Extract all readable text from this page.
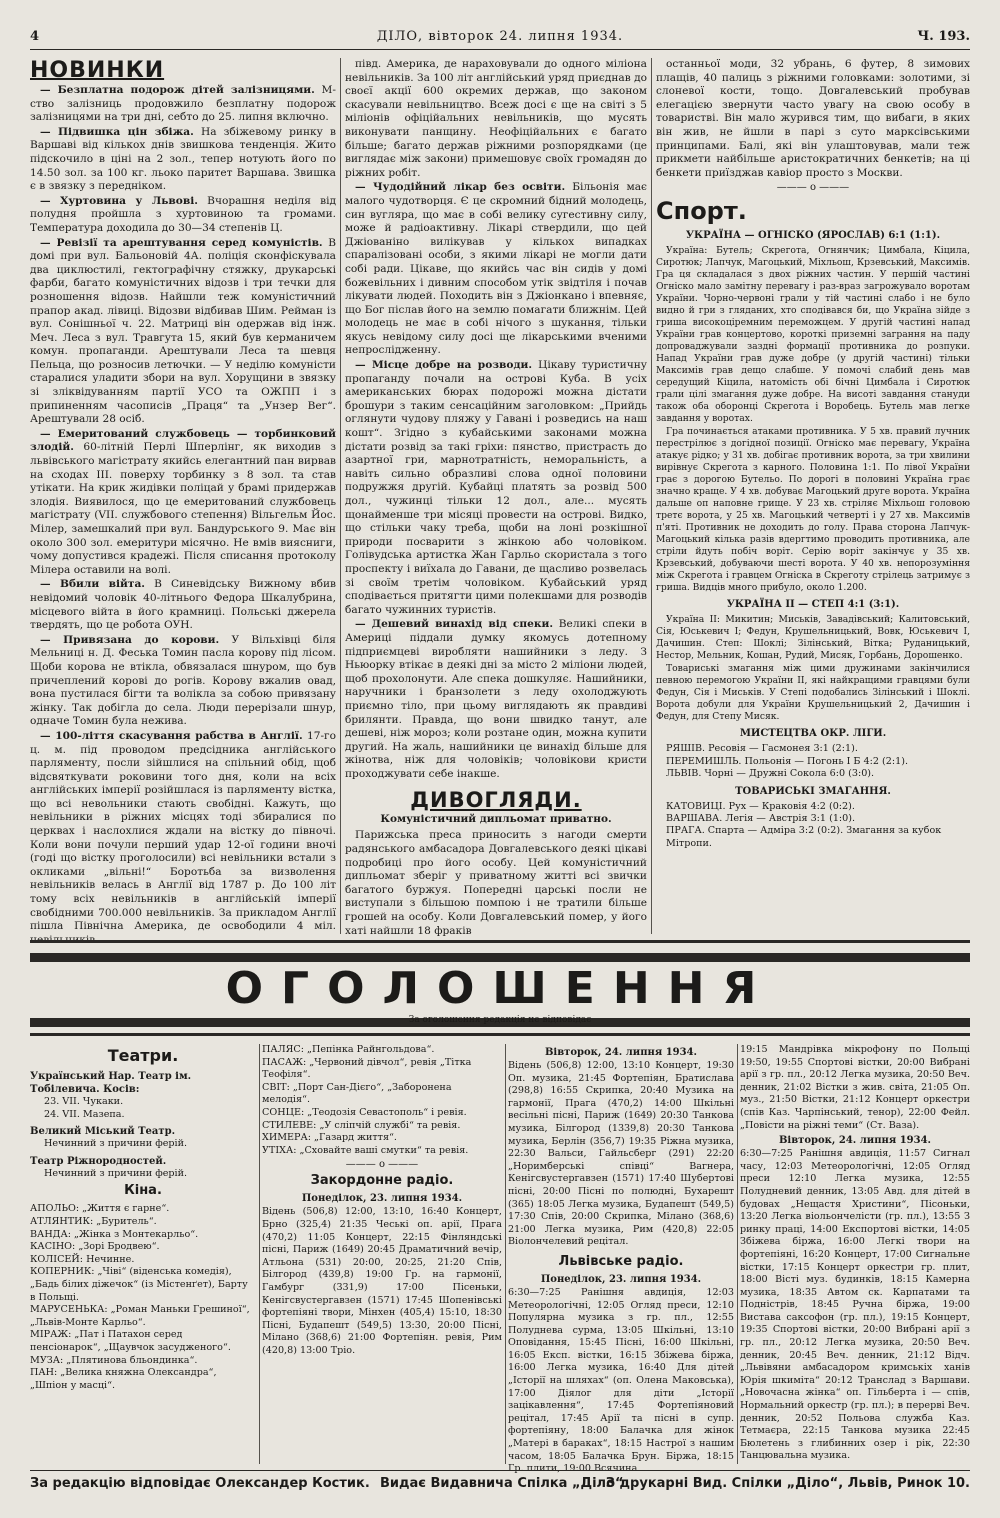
4	ДІЛО, вівторок 24. липня 1934.	Ч. 193.
НОВИНКИ
— Безплатна подорож дітей залізницями. М-ство залізниць продовжило безплатну подорож залізницями на три дні, себто до 25. липня включно.
— Підвишка цін збіжа. На збіжевому ринку в Варшаві від кількох днів звишкова тенденція. Жито підскочило в ціні на 2 зол., тепер нотують його по 14.50 зол. за 100 кг. льоко паритет Варшава. Звишка є в звязку з передніком.
— Хуртовина у Львові. Вчорашня неділя від полудня пройшла з хуртовиною та громами. Температура доходила до 30—34 степенів Ц.
— Ревізії та арештування серед комуністів. В домі при вул. Бальоновій 4А. поліція сконфіскувала два циклюстилі, гектографічну стяжку, друкарські фарби, багато комуністичних відозв і три течки для розношення відозв. Найшли теж комуністичний прапор акад. лівиці. Відозви відбивав Шим. Рейман із вул. Сонішньої ч. 22. Матриці він одержав від інж. Меч. Леса з вул. Травгута 15, який був керманичем комун. пропаганди. Арештували Леса та шевця Пельца, що розносив летючки. — У неділю комуністи старалися уладити збори на вул. Хорущини в звязку зі зліквідуванням партії УСО та ОЖПП і з припиненням часописів „Праця“ та „Унзер Вег“. Арештували 28 осіб.
— Емеритований службовець — торбинковий злодій. 60-літній Перлі Шперлінг, як виходив з львівського магістрату якийсь елегантний пан вирвав на сходах III. поверху торбинку з 8 зол. та став утікати. На крик жидівки поліцай у брамі придержав злодія. Виявилося, що це емеритований службовець магістрату (VII. службового степення) Вільгельм Йос. Мілер, замешкалий при вул. Бандурського 9. Має він около 300 зол. емеритури місячно. Не вмів виясниги, чому допустився крадежі. Після списання протоколу Мілера оставили на волі.
— Вбили війта. В Синевідську Вижному вбив невідомий чоловік 40-літнього Федора Шкалубрина, місцевого війта в його крамниці. Польські джерела твердять, що це робота ОУН.
— Привязана до корови. У Вільхівці біля Мельниці н. Д. Феська Томин пасла корову під лісом. Щоби корова не втікла, обвязалася шнуром, що був причеплений корові до рогів. Корову вжалив овад, вона пустилася бігти та волікла за собою привязану жінку. Так добігла до села. Люди перерізали шнур, одначе Томин була нежива.
— 100-ліття скасування рабства в Англії. 17-го ц. м. під проводом предсідника англійського парляменту, посли зійшлися на спільний обід, щоб відсвяткувати роковини того дня, коли на всіх англійських імперії розійшлася із парляменту вістка, що всі невольники стають свобідні. Кажуть, що невільники в ріжних місцях тоді збиралися по церквах і наслохлися ждали на вістку до півночі. Коли вони почули перший удар 12-ої години вночі (годі що вістку проголосили) всі невільники встали з окликами „вільні!“ Боротьба за визволення невільників велась в Англії від 1787 р. До 100 літ тому всіх невільників в англійській імперії свобідними 700.000 невільників. За прикладом Англії пішла Північна Америка, де освободили 4 міл. невільників
півд. Америка, де нараховували до одного міліона невільників. За 100 літ англійський уряд приєднав до своєї акції 600 окремих держав, що законом скасували невільництво. Всеж досі є ще на світі з 5 міліонів офіційальних невільників, що мусять виконувати панщину. Неофіційальних є багато більше; багато держав ріжними розпорядками (це виглядає між закони) примешовує своїх громадян до ріжних робіт.
— Чудодійний лікар без освіти. Більонія має малого чудотворця. Є це скромний бідний молодець, син вугляра, що має в собі велику сугестивну силу, може й радіоактивну. Лікарі ствердили, що цей Джіованіно вилікував у кількох випадках спаралізовані особи, з якими лікарі не могли дати собі ради. Цікаве, що якийсь час він сидів у домі божевільних і дивним способом утік звідтіля і почав лікувати людей. Походить він з Джіонкано і впевняє, що Бог післав його на землю помагати ближнім. Цей молодець не має в собі нічого з шукання, тільки якусь невідому силу досі ще лікарськими вченими непрослідженну.
— Місце добре на розводи. Цікаву туристичну пропаганду почали на острові Куба. В усіх американських бюрах подорожі можна дістати брошури з таким сенсаційним заголовком: „Прийдь оглянути чудову пляжу у Гавані і розведись на наш кошт“. Згідно з кубайськими законами можна дістати розвід за такі гріхи: пянство, пристрасть до азартної гри, марнотратність, неморальність, а навіть сильно образливі слова одної половини подружжя другій. Кубайці платять за розвід 500 дол., чужинці тільки 12 дол., але... мусять щонайменше три місяці провести на острові. Видко, що стільки чаку треба, щоби на лоні розкішної природи посварити з жінкою або чоловіком. Голівудська артистка Жан Гарльо скористала з того проспекту і виїхала до Гавани, де щасливо розвелась зі своїм третім чоловіком. Кубайський уряд сподівається притягти цими полекшами для розводів багато чужинних туристів.
— Дешевий винахід від спеки. Великі спеки в Америці піддали думку якомусь дотепному підприємцеві виробляти нашийники з леду. З Ньюорку втікає в деякі дні за місто 2 міліони людей, щоб прохолонути. Але спека дошкуляє. Нашийники, наручники і бранзолети з леду охолоджують приємно тіло, при цьому виглядають як правдиві брилянти. Правда, що вони швидко танут, але дешеві, ніж мороз; коли розтане один, можна купити другий. На жаль, нашийники це винахід більше для жінотва, ніж для чоловіків; чоловікови кристи проходжувати себе інакше.
ДИВОГЛЯДИ.
Комуністичний дипльомат приватно.
Парижська преса приносить з нагоди смерти радянського амбасадора Довгалевського деякі цікаві подробиці про його особу. Цей комуністичний дипльомат зберіг у приватному житті всі звички багатого буржуя. Попередні царські посли не виступали з більшою помпою і не тратили більше грошей на особу. Коли Довгалевський помер, у його хаті найшли 18 фраків
останньої моди, 32 убрань, 6 футер, 8 зимових плащів, 40 палиць з ріжними головками: золотими, зі слоневої кости, тощо. Довгалевський пробував елегацією звернути часто увагу на свою особу в товаристві. Він мало журився тим, що вибаги, в яких він жив, не йшли в парі з суто марксівськими принципами. Балі, які він улаштовував, мали теж прикмети найбільше аристократичних бенкетів; на ці бенкети приїзджав кавіор просто з Москви.
——— o ———
Спорт.
УКРАЇНА — ОГНІСКО (ЯРОСЛАВ) 6:1 (1:1).
Україна: Бутель; Скрегота, Огнянчик; Цимбала, Кіцила, Сиротюк; Лапчук, Магоцький, Міхльош, Крзевський, Максимів. Гра ця складалася з двох ріжних частин. У першій частині Огніско мало замітну перевагу і раз-враз загрожувало воротам України. Чорно-червоні грали у тій частині слабо і не було видно й гри з гляданих, хто сподівався би, що Україна зійде з гриша високоціремним переможцем. У другій частині напад України грав концертово, короткі приземні заграння на паду допроваджували заздні формації противника до розпуки. Напад України грав дуже добре (у другій частині) тільки Максимів грав дещо слабше. У помочі слабий день мав середущий Кіцила, натомість обі бічні Цимбала і Сиротюк грали цілі змагання дуже добре. На висоті завдання стануди також оба оборонці Скрегота і Воробець. Бутель мав легке завдання у воротах.
Гра починається атаками противника. У 5 хв. правий лучник перестрілює з догідної позиції. Огніско має перевагу, Україна атакує рідко; у 31 хв. добігає противник ворота, за три хвилини вирівнує Скрегота з карного. Половина 1:1. По лівої України грає з дорогою Бутельо. По дорогі в половині Україна грає значно краще. У 4 хв. добуває Магоцький друге ворота. Україна дальше оп наповне грище. У 23 хв. стріляє Міхльош головою третє ворота, у 25 хв. Магоцький четверті і у 27 хв. Максимів п'яті. Противник не доходить до голу. Права сторона Лапчук-Магоцький кілька разів вдергтимо проводить противника, але стріли йдуть побіч воріт. Серію воріт закінчує у 35 хв. Крзевський, добуваючи шесті ворота. У 40 хв. непорозуміння між Скрегота і гравцем Огніска в Скреготу стрілець затримує з гриша. Видців много прибуло, около 1.200.
УКРАЇНА II — СТЕП 4:1 (3:1).
Україна II: Микитин; Миськів, Завадівський; Калитовський, Сія, Юськевич I; Федун, Крушельницький, Вовк, Юськевич I, Дачишин. Степ: Шоклі; Зілінський, Вітка; Руданицький, Нестор, Мельник, Кошан, Рудий, Мисяк, Горбань, Дорошенко.
Товариські змагання між цими дружинами закінчилися певною перемогою України II, які найкращими гравцями були Федун, Сія і Миськів. У Степі подобались Зілінський і Шоклі. Ворота добули для України Крушельницький 2, Дачишин і Федун, для Степу Мисяк.
МИСТЕЦТВА ОКР. ЛІГИ.
РЯШІВ. Ресовія — Гасмонея 3:1 (2:1).
ПЕРЕМИШЛЬ. Польонія — Погонь I Б 4:2 (2:1).
ЛЬВІВ. Чорні — Дружні Сокола 6:0 (3:0).
ТОВАРИСЬКІ ЗМАГАННЯ.
КАТОВИЦІ. Рух — Краковія 4:2 (0:2).
ВАРШАВА. Легія — Австрія 3:1 (1:0).
ПРАГА. Спарта — Адміра 3:2 (0:2). Змагання за кубок Мітропи.
ОГОЛОШЕННЯ
За оголошення редакція не відповідає
Театри.
Український Нар. Театр ім. Тобілевича. Косів:
23. VII. Чукаки.
24. VII. Мазепа.
Великий Міський Театр.
Нечинний з причини ферій.
Театр Ріжнородностей.
Нечинний з причини ферій.
Кіна.
АПОЛЬО: „Життя є гарне“.
АТЛЯНТИК: „Буритель“.
ВАНДА: „Жінка з Монтекарльо“.
КАСІНО: „Зорі Бродвею“.
КОЛІСЕЙ: Нечинне.
КОПЕРНИК: „Чіві“ (віденська комедія), „Бадь білих діжечок“ (із Містенґет), Барту в Польщі.
МАРУСЕНЬКА: „Роман Маньки Грешиної“, „Львів-Монте Карльо“.
МІРАЖ: „Пат і Патахон серед пенсіонарок“, „Щаувчок засудженого“.
МУЗА: „Плятинова бльондинка“.
ПАН: „Велика княжна Олександра“, „Шпіон у масці“.
ПАЛЯС: „Пепінка Райнгольдова“.
ПАСАЖ: „Червоний дівчол“, ревія „Тітка Теофіля“.
СВІТ: „Порт Сан-Дієго“, „Заборонена мелодія“.
СОНЦЕ: „Теодозія Севастополь“ і ревія.
СТИЛЕВЕ: „У сліпчій службі“ та ревія.
ХИМЕРА: „Газард життя“.
УТІХА: „Сховайте ваші смутки“ та ревія.
——— o ———
Закордонне радіо.
Понеділок, 23. липня 1934.
Відень (506,8) 12:00, 13:10, 16:40 Концерт, Брно (325,4) 21:35 Чеські оп. арії, Прага (470,2) 11:05 Концерт, 22:15 Фінляндські пісні, Париж (1649) 20:45 Драматичний вечір, Атльона (531) 20:00, 20:25, 21:20 Спів, Білгород (439,8) 19:00 Гр. на гармонії, Гамбург (331,9) 17:00 Пісеньки, Кенігсвустергавзен (1571) 17:45 Шопенівські фортепіяні твори, Мінхен (405,4) 15:10, 18:30 Пісні, Будапешт (549,5) 13:30, 20:00 Пісні, Мілано (368,6) 21:00 Фортепіян. ревія, Рим (420,8) 13:00 Тріо.
Вівторок, 24. липня 1934.
Відень (506,8) 12:00, 13:10 Концерт, 19:30 Оп. музика, 21:45 Фортепіян, Братислава (298,8) 16:55 Скрипка, 20:40 Музика на гармонії, Прага (470,2) 14:00 Шкільні весільні пісні, Париж (1649) 20:30 Танкова музика, Білгород (1339,8) 20:30 Танкова музика, Берлін (356,7) 19:35 Ріжна музика, 22:30 Вальси, Гайльсберг (291) 22:20 „Норимберські співці“ Вагнера, Кенігсвустергавзен (1571) 17:40 Шубертові пісні, 20:00 Пісні по полюдні, Бухарешт (365) 18:05 Легка музика, Будапешт (549,5) 17:30 Спів, 20:00 Скрипка, Мілано (368,6) 21:00 Легка музика, Рим (420,8) 22:05 Віолончелевий рецітал.
Львівське радіо.
Понеділок, 23. липня 1934.
6:30—7:25 Ранішня авдиція, 12:03 Метеорологічні, 12:05 Огляд преси, 12:10 Популярна музика з гр. пл., 12:55 Полуднева сурма, 13:05 Шкільні, 13:10 Оповідання, 15:45 Пісні, 16:00 Шкільні, 16:05 Експ. вістки, 16:15 Збіжева біржа, 16:00 Легка музика, 16:40 Для дітей „Історії на шляхах“ (оп. Олена Маковська), 17:00 Діялог для діти „Історії зацікавлення“, 17:45 Фортепіяновий рецітал, 17:45 Арії та пісні в супр. фортепіяну, 18:00 Балачка для жінок „Матері в бараках“, 18:15 Настрої з нашим часом, 18:05 Балачка Брун. Біржа, 18:15 Гр. плити, 19:00 Всячина
19:15 Мандрівка мікрофону по Польщі 19:50, 19:55 Спортові вістки, 20:00 Вибрані арії з гр. пл., 20:12 Легка музика, 20:50 Веч. денник, 21:02 Вістки з жив. світа, 21:05 Оп. муз., 21:50 Вістки, 21:12 Концерт оркестри (спів Каз. Чарпінський, тенор), 22:00 Фейл. „Повісти на ріжні теми“ (Ст. Ваза).
Вівторок, 24. липня 1934.
6:30—7:25 Ранішня авдиція, 11:57 Сигнал часу, 12:03 Метеорологічні, 12:05 Огляд преси 12:10 Легка музика, 12:55 Полудневий денник, 13:05 Авд. для дітей в будовах „Нещастя Христини“, Пісоньки, 13:20 Легка віольончелісти (гр. пл.), 13:55 З ринку праці, 14:00 Експортові вістки, 14:05 Збіжева біржа, 16:00 Легкі твори на фортепіяні, 16:20 Концерт, 17:00 Сигнальне вістки, 17:15 Концерт оркестри гр. плит, 18:00 Вісті муз. будинків, 18:15 Камерна музика, 18:35 Автом ск. Карпатами та Подністрів, 18:45 Ручна біржа, 19:00 Вистава саксофон (гр. пл.), 19:15 Концерт, 19:35 Спортові вістки, 20:00 Вибрані арії з гр. пл., 20:12 Легка музика, 20:50 Веч. денник, 20:45 Веч. денник, 21:12 Відч. „Львівяни амбасадором кримськіх ханів Юрія шкиміта“ 20:12 Транслад з Варшави. „Новочасна жінка“ оп. Гільберта і — спів, Нормальний оркестр (гр. пл.); в перерві Веч. денник, 20:52 Польова служба Каз. Тетмаєра, 22:15 Танкова музика 22:45 Бюлетень з глибинних озер і рік, 22:30 Танцювальна музика.
За редакцію відповідає Олександер Костик. Видає Видавнича Спілка „Діло“
З друкарні Вид. Спілки „Діло“, Львів, Ринок 10.
